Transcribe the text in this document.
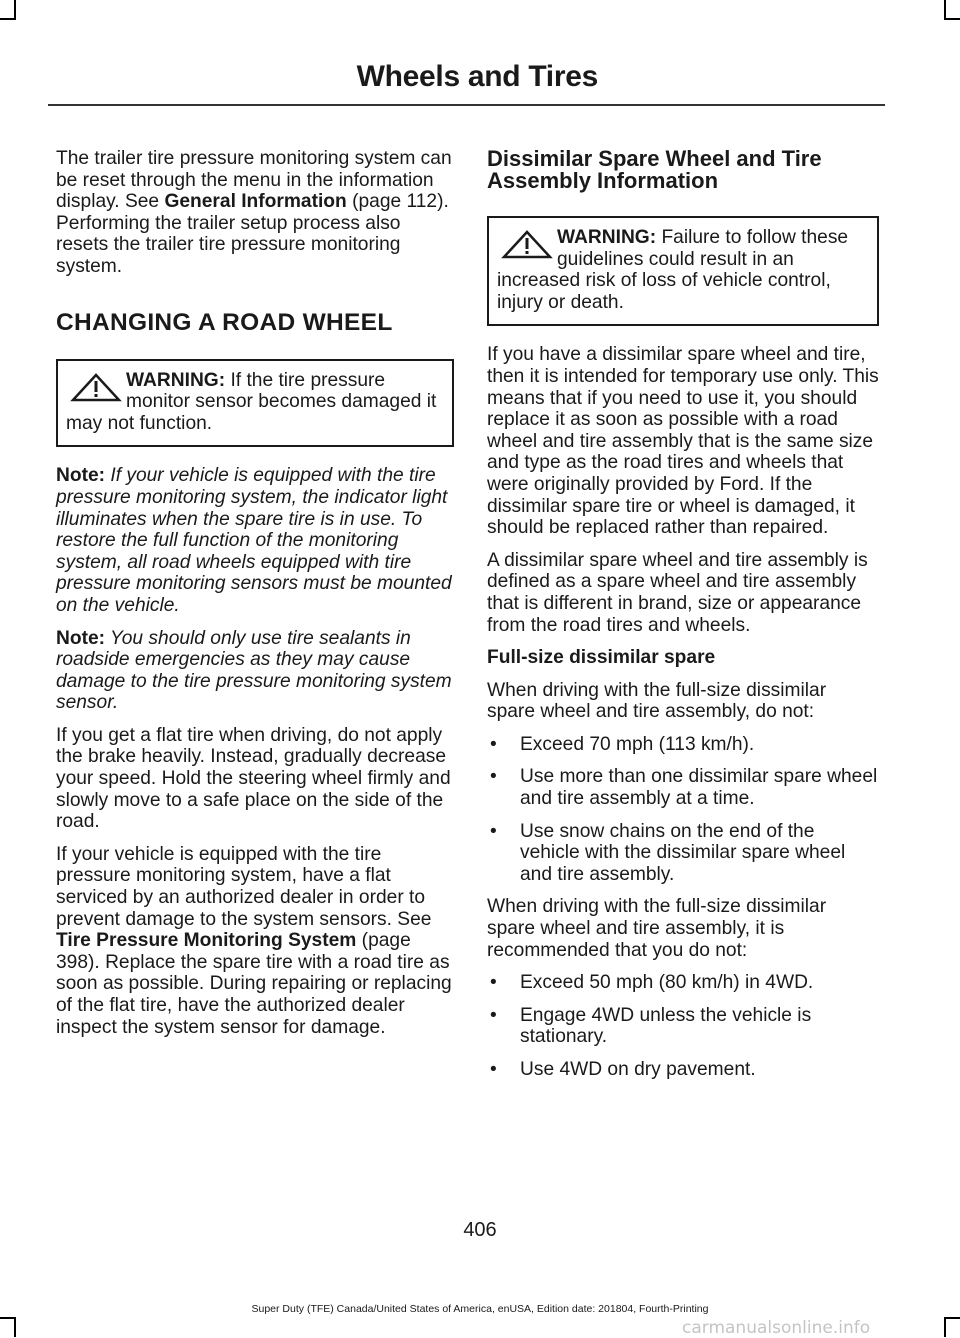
Wheels and Tires

The trailer tire pressure monitoring system can be reset through the menu in the information display. See General Information (page 112). Performing the trailer setup process also resets the trailer tire pressure monitoring system.

CHANGING A ROAD WHEEL
WARNING: If the tire pressure monitor sensor becomes damaged it may not function.

Note: If your vehicle is equipped with the tire pressure monitoring system, the indicator light illuminates when the spare tire is in use. To restore the full function of the monitoring system, all road wheels equipped with tire pressure monitoring sensors must be mounted on the vehicle.

Note: You should only use tire sealants in roadside emergencies as they may cause damage to the tire pressure monitoring system sensor.

If you get a flat tire when driving, do not apply the brake heavily. Instead, gradually decrease your speed. Hold the steering wheel firmly and slowly move to a safe place on the side of the road.

If your vehicle is equipped with the tire pressure monitoring system, have a flat serviced by an authorized dealer in order to prevent damage to the system sensors. See Tire Pressure Monitoring System (page 398). Replace the spare tire with a road tire as soon as possible. During repairing or replacing of the flat tire, have the authorized dealer inspect the system sensor for damage.

Dissimilar Spare Wheel and Tire Assembly Information
WARNING: Failure to follow these guidelines could result in an increased risk of loss of vehicle control, injury or death.

If you have a dissimilar spare wheel and tire, then it is intended for temporary use only. This means that if you need to use it, you should replace it as soon as possible with a road wheel and tire assembly that is the same size and type as the road tires and wheels that were originally provided by Ford. If the dissimilar spare tire or wheel is damaged, it should be replaced rather than repaired.

A dissimilar spare wheel and tire assembly is defined as a spare wheel and tire assembly that is different in brand, size or appearance from the road tires and wheels.

Full-size dissimilar spare

When driving with the full-size dissimilar spare wheel and tire assembly, do not:

• Exceed 70 mph (113 km/h).
• Use more than one dissimilar spare wheel and tire assembly at a time.
• Use snow chains on the end of the vehicle with the dissimilar spare wheel and tire assembly.

When driving with the full-size dissimilar spare wheel and tire assembly, it is recommended that you do not:

• Exceed 50 mph (80 km/h) in 4WD.
• Engage 4WD unless the vehicle is stationary.
• Use 4WD on dry pavement.
406
Super Duty (TFE) Canada/United States of America, enUSA, Edition date: 201804, Fourth-Printing
carmanualsonline.info
